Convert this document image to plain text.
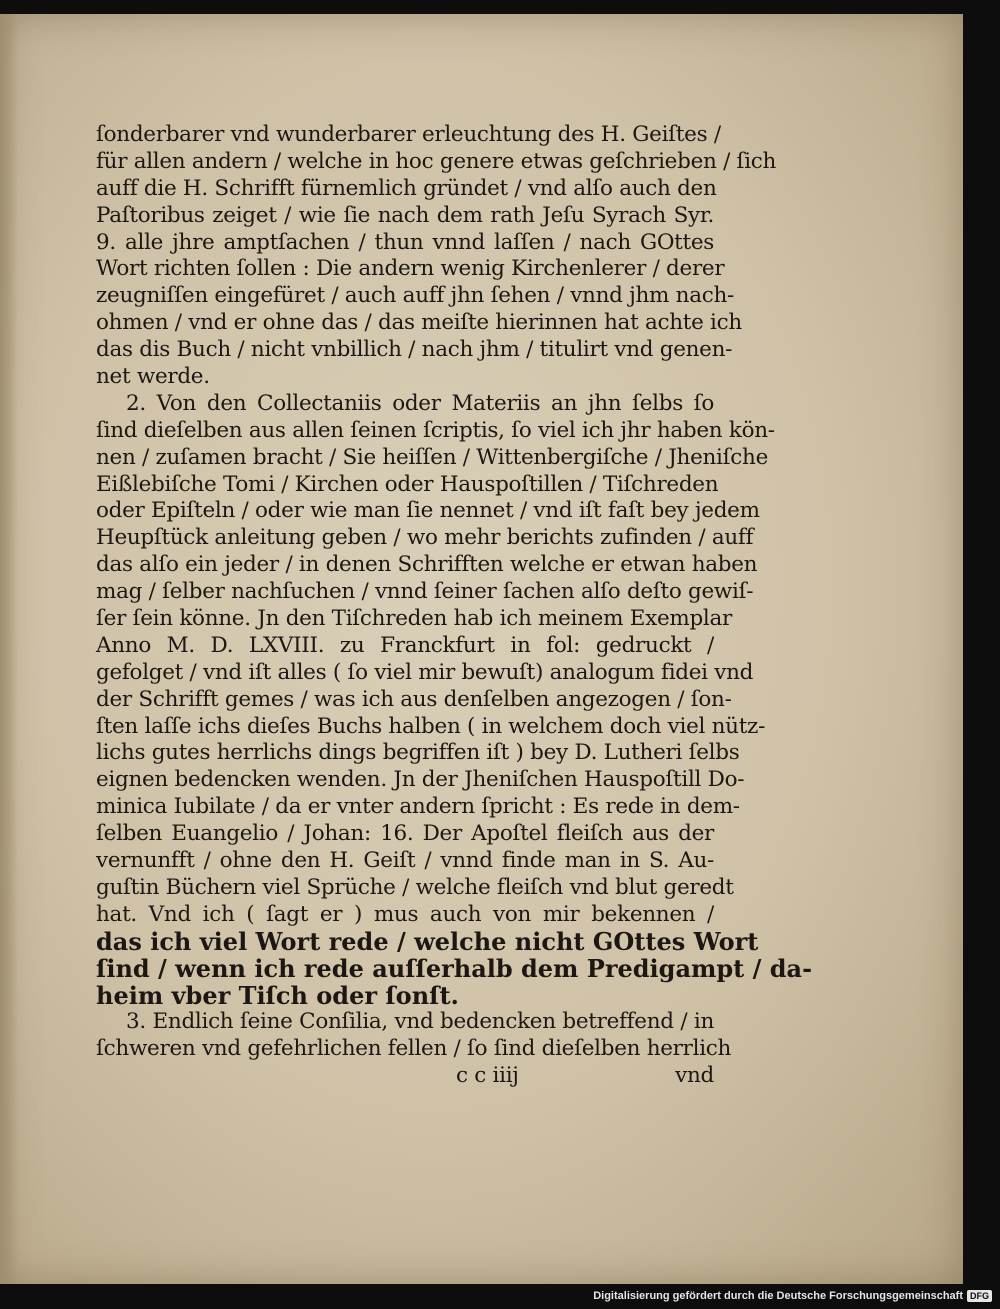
ſonderbarer vnd wunderbarer erleuchtung des H. Geiſtes /
für allen andern / welche in hoc genere etwas geſchrieben / ſich
auff die H. Schrifft fürnemlich gründet / vnd alſo auch den
Paſtoribus zeiget / wie ſie nach dem rath Jeſu Syrach Syr.
9. alle jhre amptſachen / thun vnnd laſſen / nach GOttes
Wort richten ſollen : Die andern wenig Kirchenlerer / derer
zeugniſſen eingefüret / auch auff jhn ſehen / vnnd jhm nach-
ohmen / vnd er ohne das / das meiſte hierinnen hat achte ich
das dis Buch / nicht vnbillich / nach jhm / titulirt vnd genen-
net werde.
2. Von den Collectaniis oder Materiis an jhn ſelbs ſo
ſind dieſelben aus allen ſeinen ſcriptis, ſo viel ich jhr haben kön-
nen / zuſamen bracht / Sie heiſſen / Wittenbergiſche / Jheniſche
Eißlebiſche Tomi / Kirchen oder Hauspoſtillen / Tiſchreden
oder Epiſteln / oder wie man ſie nennet / vnd iſt faſt bey jedem
Heupſtück anleitung geben / wo mehr berichts zufinden / auff
das alſo ein jeder / in denen Schrifften welche er etwan haben
mag / ſelber nachſuchen / vnnd ſeiner ſachen alſo deſto gewiſ-
ſer ſein könne. Jn den Tiſchreden hab ich meinem Exemplar
Anno M. D. LXVIII. zu Franckfurt in fol: gedruckt /
gefolget / vnd iſt alles ( ſo viel mir bewuſt) analogum fidei vnd
der Schrifft gemes / was ich aus denſelben angezogen / ſon-
ſten laſſe ichs dieſes Buchs halben ( in welchem doch viel nütz-
lichs gutes herrlichs dings begriffen iſt ) bey D. Lutheri ſelbs
eignen bedencken wenden. Jn der Jheniſchen Hauspoſtill Do-
minica Iubilate / da er vnter andern ſpricht : Es rede in dem-
ſelben Euangelio / Johan: 16. Der Apoſtel fleiſch aus der
vernunfft / ohne den H. Geiſt / vnnd finde man in S. Au-
guſtin Büchern viel Sprüche / welche fleiſch vnd blut geredt
hat. Vnd ich ( ſagt er ) mus auch von mir bekennen /
das ich viel Wort rede / welche nicht GOttes Wort
ſind / wenn ich rede auſſerhalb dem Predigampt / da-
heim vber Tiſch oder ſonſt.
3. Endlich ſeine Conſilia, vnd bedencken betreffend / in
ſchweren vnd gefehrlichen fellen / ſo ſind dieſelben herrlich
c c iiij	vnd
Digitalisierung gefördert durch die Deutsche Forschungsgemeinschaft DFG
